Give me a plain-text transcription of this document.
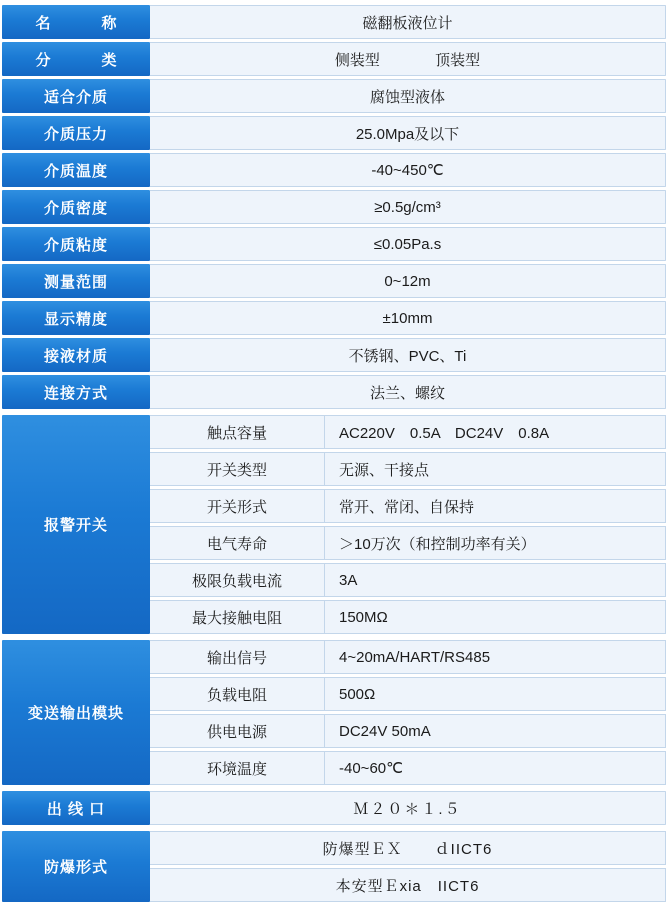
名　　称	磁翻板液位计
分　　类	侧装型 顶装型
适合介质	腐蚀型液体
介质压力	25.0Mpa及以下
介质温度	-40~450℃
介质密度	≥0.5g/cm³
介质粘度	≤0.05Pa.s
测量范围	0~12m
显示精度	±10mm
接液材质	不锈钢、PVC、Ti
连接方式	法兰、螺纹
报警开关
触点容量	AC220V　0.5A　DC24V　0.8A
开关类型	无源、干接点
开关形式	常开、常闭、自保持
电气寿命	＞10万次（和控制功率有关）
极限负载电流	3A
最大接触电阻	150MΩ
变送输出模块
输出信号	4~20mA/HART/RS485
负载电阻	500Ω
供电电源	DC24V 50mA
环境温度	-40~60℃
出 线 口	Ｍ２０＊１.５
防爆形式
防爆型ＥＸ　　ｄIICT6
本安型Ｅxia　IICT6
